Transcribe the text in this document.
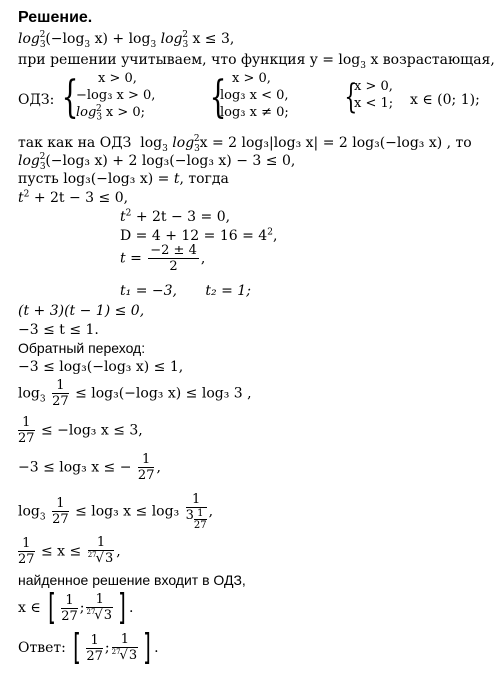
Решение.
$\log_3^2(-\log_3$ $x) + \log_3 \log_3^2 x \le 3$,
при решении учитываем, что функция $y = \log_3 x$ возрастающая,
ОДЗ: {	x > 0,
−log₃ x > 0,
$\log_3^2 x > 0$; { x > 0,
log₃ x < 0,
log₃ x ≠ 0; {
x > 0,
x < 1; x ∈ (0; 1);
так как на ОДЗ $\log_3 \log_3^2x = 2$ log₃|log₃ x| = 2 log₃(−log₃ x) , то
$\log_3^2(-\log_3$ x) + 2 log₃(−log₃ x) − 3 ≤ 0,
пусть log₃(−log₃ x) = t, тогда
$t^2 + 2t - 3 \le 0$,
$t^2 + 2t - 3 = 0$,
$D = 4 + 12 = 16 = 4^2$,
$t = \frac{-2 \pm 4}{2}$ ,
t₁ = −3, t₂ = 1;
(t + 3)(t − 1) ≤ 0,
−3 ≤ t ≤ 1.
Обратный переход:
−3 ≤ log₃(−log₃ x) ≤ 1,
$\log_3 \frac{1}{27} \le \log_3(-\log_3$ x) ≤ log₃ 3 ,
$\frac{1}{27} \le -\log_3$ x ≤ 3,
−3 ≤ log₃ x ≤ − $\frac{1}{27}$ ,
$\log_3 \frac{1}{27} \le \log_3$ $x \le \log_3 \frac{1}{3 \frac{1}{27}}$ ,
$\frac{1}{27} \le x \le \frac{1}{^{27}√3}$ ,
найденное решение входит в ОДЗ,
x ∈ [ $\frac{1}{27}$ ; $\frac{1}{^{27}√3}$ ] .
Ответ: [ $\frac{1}{27}$ ; $\frac{1}{^{27}√3}$ ] .
